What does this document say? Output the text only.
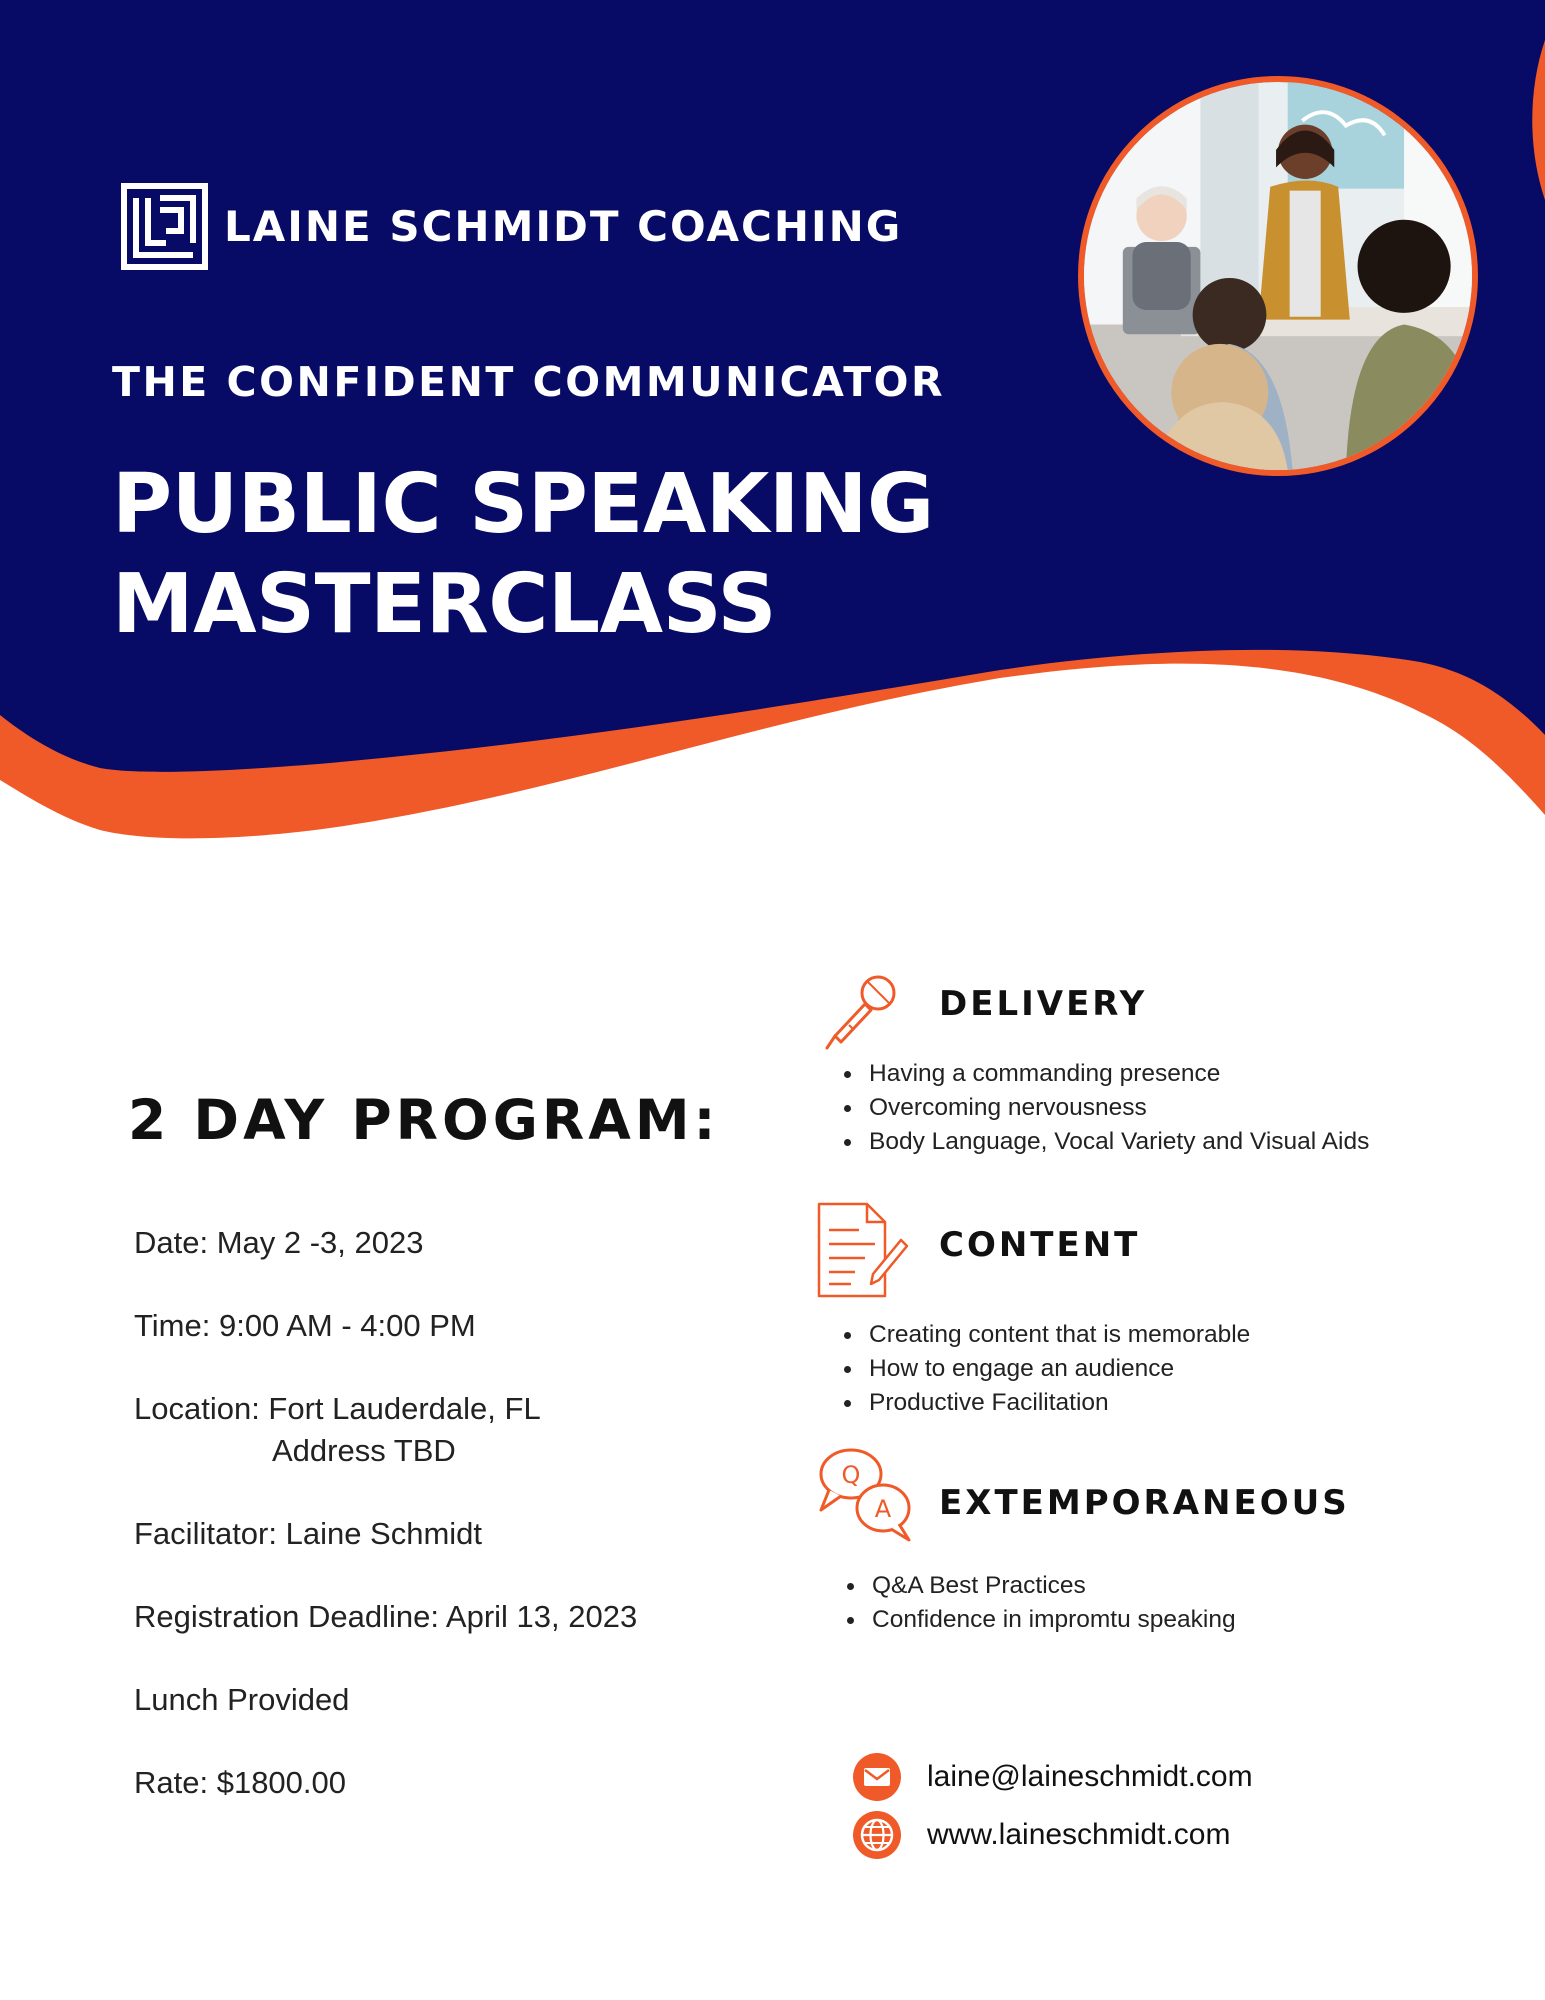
LAINE SCHMIDT COACHING
THE CONFIDENT COMMUNICATOR
PUBLIC SPEAKING
MASTERCLASS
2 DAY PROGRAM:
Date: May 2 -3, 2023
Time: 9:00 AM - 4:00 PM
Location: Fort Lauderdale, FL
Address TBD
Facilitator: Laine Schmidt
Registration Deadline: April 13, 2023
Lunch Provided
Rate: $1800.00
DELIVERY
Having a commanding presence
Overcoming nervousness
Body Language, Vocal Variety and Visual Aids
CONTENT
Creating content that is memorable
How to engage an audience
Productive Facilitation
Q
A EXTEMPORANEOUS
Q&A Best Practices
Confidence in impromtu speaking
laine@laineschmidt.com
www.laineschmidt.com
